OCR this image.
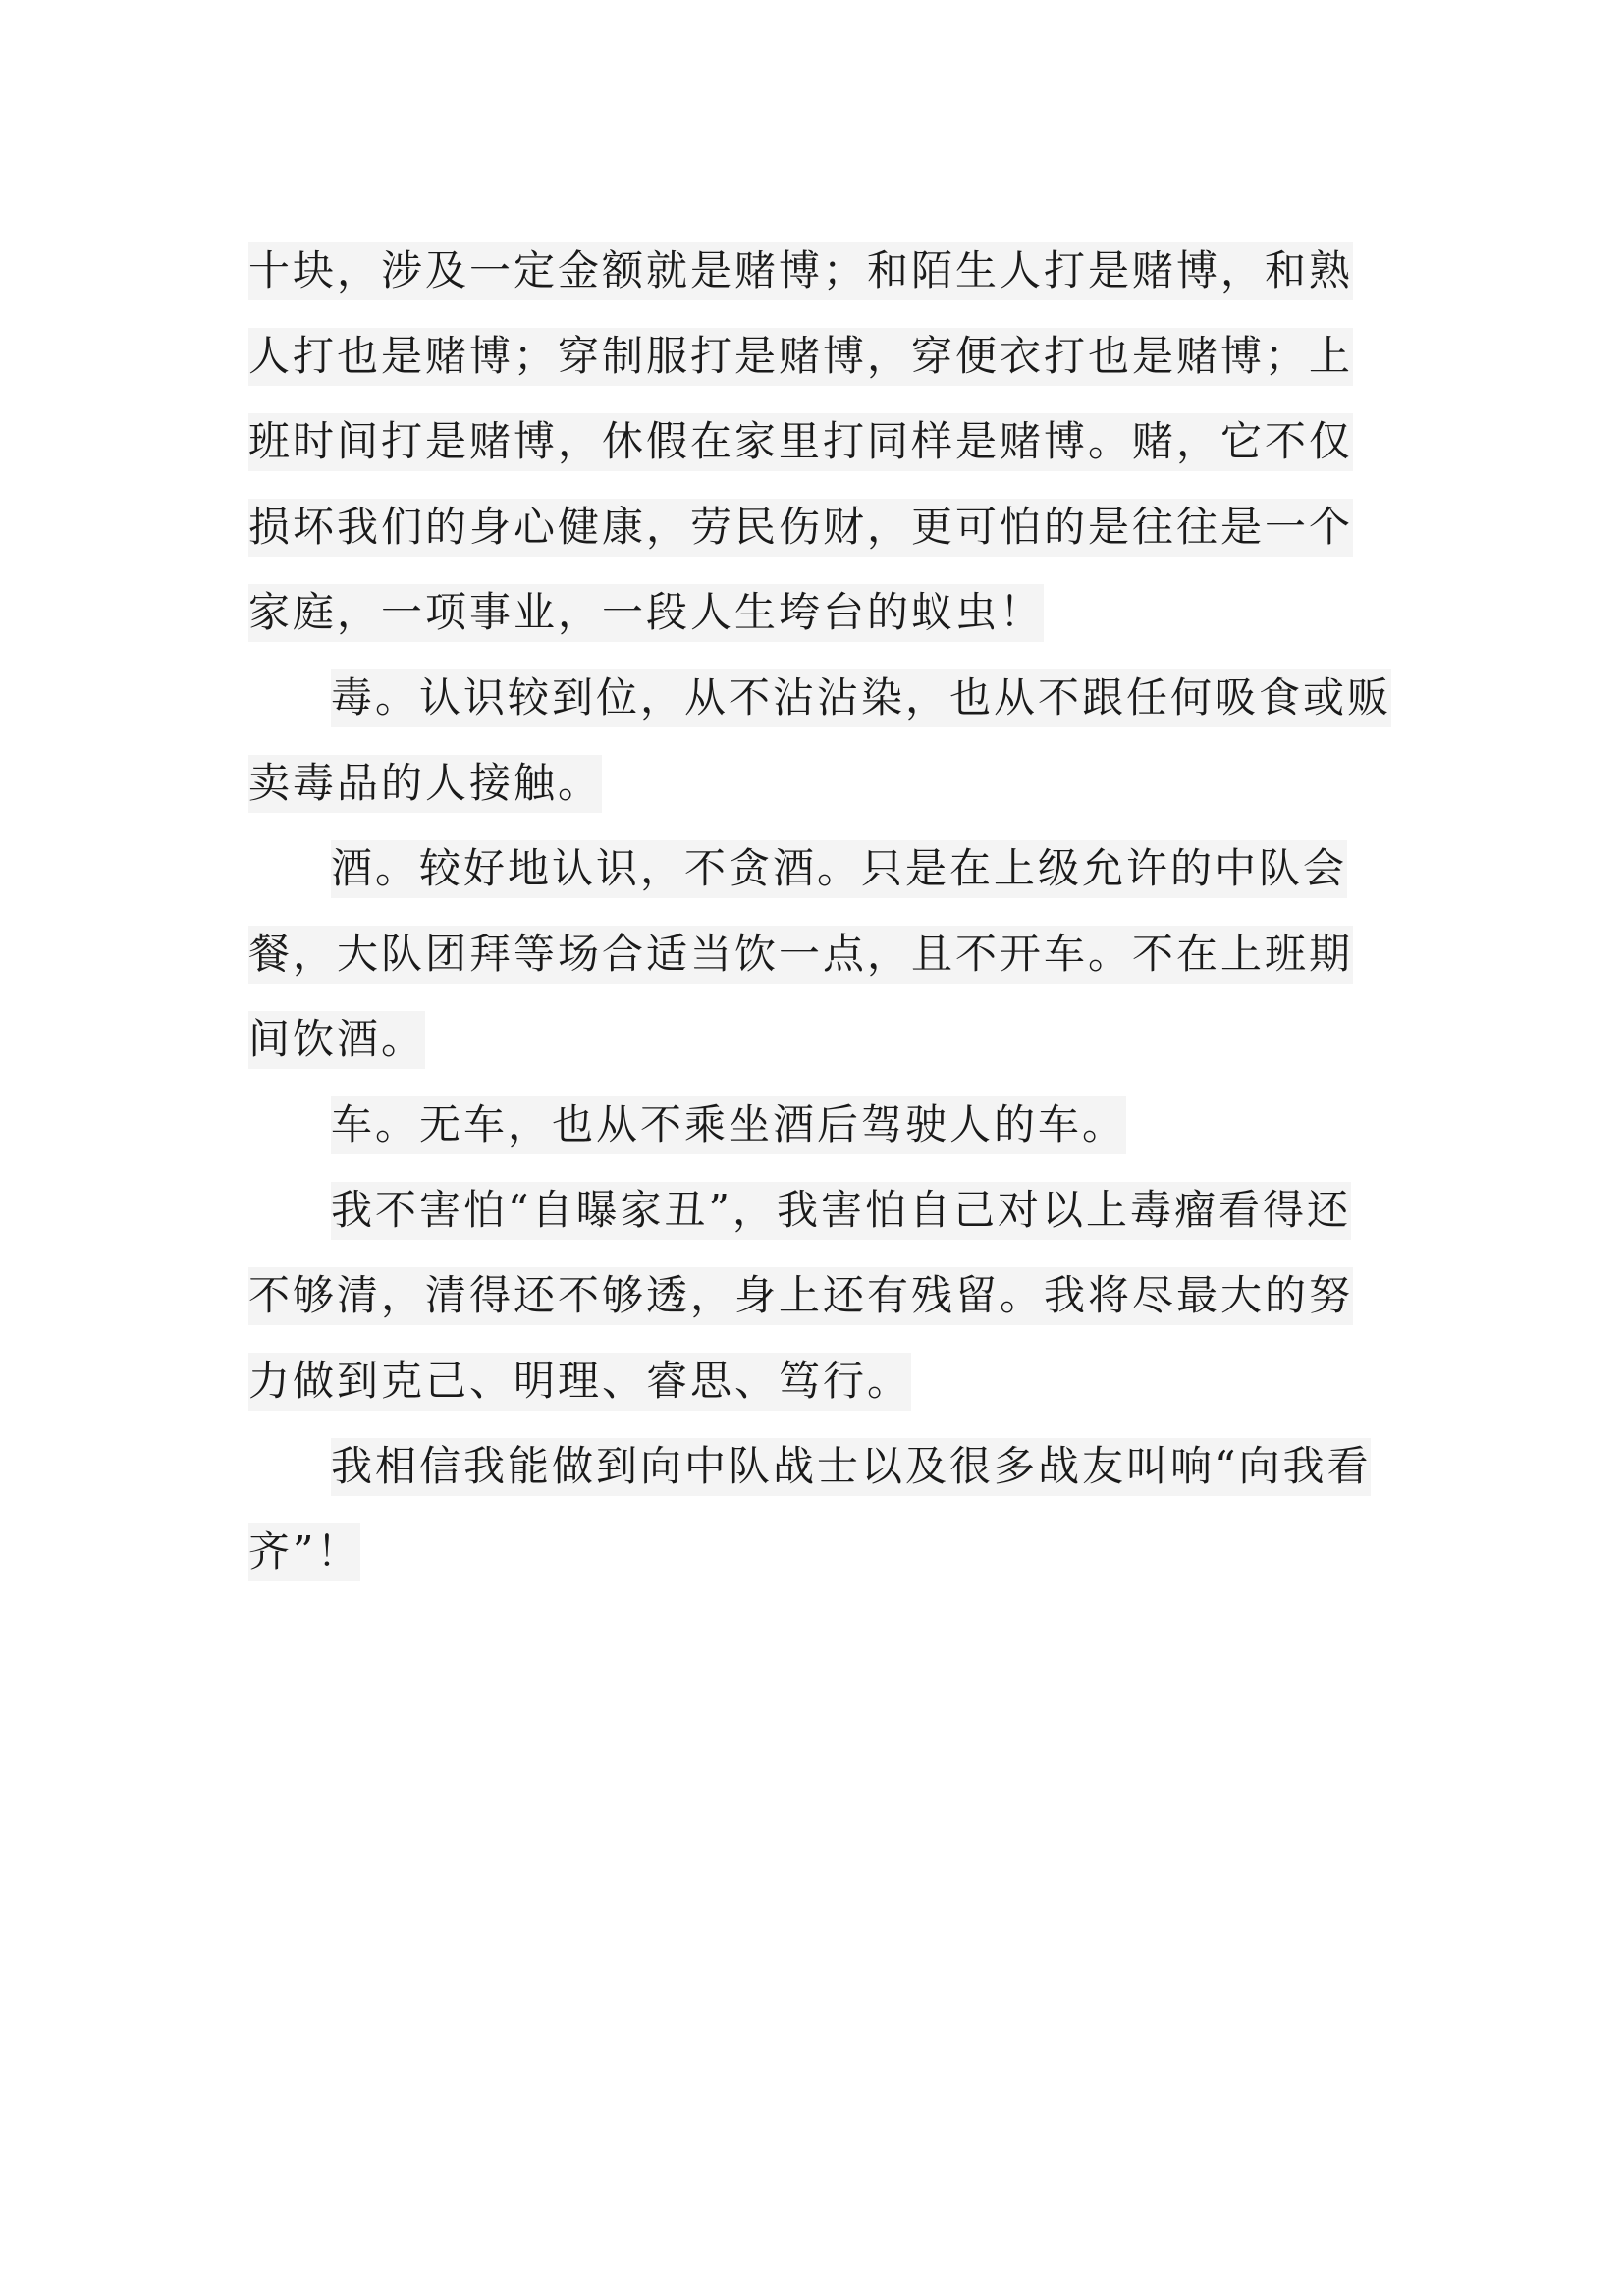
十块，涉及一定金额就是赌博；和陌生人打是赌博，和熟
人打也是赌博；穿制服打是赌博，穿便衣打也是赌博；上
班时间打是赌博，休假在家里打同样是赌博。赌，它不仅
损坏我们的身心健康，劳民伤财，更可怕的是往往是一个
家庭，一项事业，一段人生垮台的蚁虫！
毒。认识较到位，从不沾沾染，也从不跟任何吸食或贩
卖毒品的人接触。
酒。较好地认识，不贪酒。只是在上级允许的中队会
餐，大队团拜等场合适当饮一点，且不开车。不在上班期
间饮酒。
车。无车，也从不乘坐酒后驾驶人的车。
我不害怕“自曝家丑”，我害怕自己对以上毒瘤看得还
不够清，清得还不够透，身上还有残留。我将尽最大的努
力做到克己、明理、睿思、笃行。
我相信我能做到向中队战士以及很多战友叫响“向我看
齐”！
